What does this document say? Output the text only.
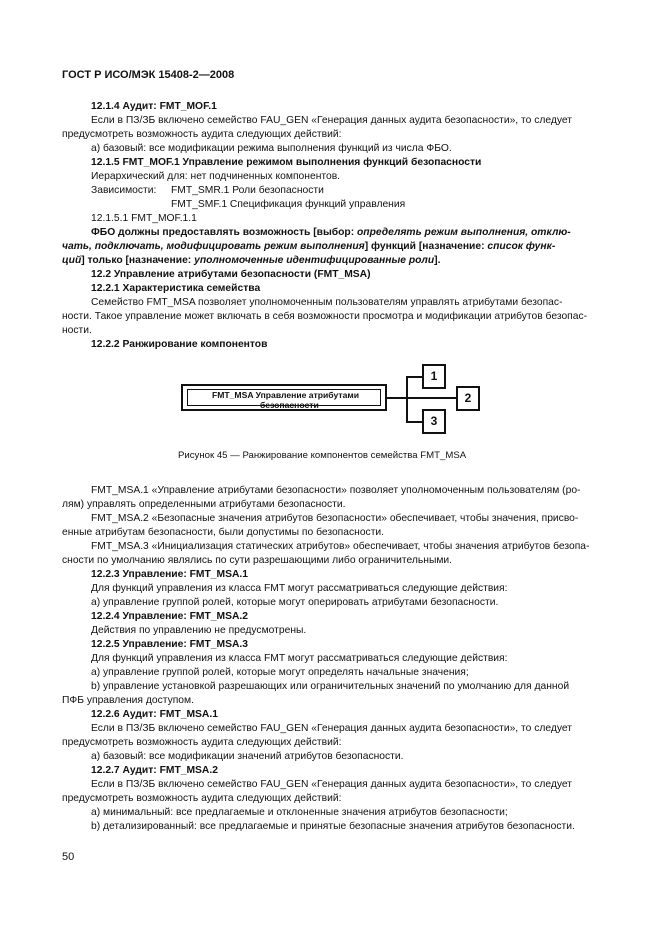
ГОСТ Р ИСО/МЭК 15408-2—2008
12.1.4 Аудит: FMT_MOF.1
Если в ПЗ/ЗБ включено семейство FAU_GEN «Генерация данных аудита безопасности», то следует
предусмотреть возможность аудита следующих действий:
а) базовый: все модификации режима выполнения функций из числа ФБО.
12.1.5 FMT_MOF.1 Управление режимом выполнения функций безопасности
Иерархический для: нет подчиненных компонентов.
Зависимости: FMT_SMR.1 Роли безопасности
FMT_SMF.1 Спецификация функций управления
12.1.5.1 FMT_MOF.1.1
ФБО должны предоставлять возможность [выбор: определять режим выполнения, отклю-
чать, подключать, модифицировать режим выполнения] функций [назначение: список функ-
ций] только [назначение: уполномоченные идентифицированные роли].
12.2 Управление атрибутами безопасности (FMT_MSA)
12.2.1 Характеристика семейства
Семейство FMT_MSA позволяет уполномоченным пользователям управлять атрибутами безопас-
ности. Такое управление может включать в себя возможности просмотра и модификации атрибутов безопас-
ности.
12.2.2 Ранжирование компонентов
FMT_MSA Управление атрибутами
безопасности
1
2
3
Рисунок 45 — Ранжирование компонентов семейства FMT_MSA
FMT_MSA.1 «Управление атрибутами безопасности» позволяет уполномоченным пользователям (ро-
лям) управлять определенными атрибутами безопасности.
FMT_MSA.2 «Безопасные значения атрибутов безопасности» обеспечивает, чтобы значения, присво-
енные атрибутам безопасности, были допустимы по безопасности.
FMT_MSA.3 «Инициализация статических атрибутов» обеспечивает, чтобы значения атрибутов безопа-
сности по умолчанию являлись по сути разрешающими либо ограничительными.
12.2.3 Управление: FMT_MSA.1
Для функций управления из класса FMT могут рассматриваться следующие действия:
а) управление группой ролей, которые могут оперировать атрибутами безопасности.
12.2.4 Управление: FMT_MSA.2
Действия по управлению не предусмотрены.
12.2.5 Управление: FMT_MSA.3
Для функций управления из класса FMT могут рассматриваться следующие действия:
а) управление группой ролей, которые могут определять начальные значения;
b) управление установкой разрешающих или ограничительных значений по умолчанию для данной
ПФБ управления доступом.
12.2.6 Аудит: FMT_MSA.1
Если в ПЗ/ЗБ включено семейство FAU_GEN «Генерация данных аудита безопасности», то следует
предусмотреть возможность аудита следующих действий:
а) базовый: все модификации значений атрибутов безопасности.
12.2.7 Аудит: FMT_MSA.2
Если в ПЗ/ЗБ включено семейство FAU_GEN «Генерация данных аудита безопасности», то следует
предусмотреть возможность аудита следующих действий:
а) минимальный: все предлагаемые и отклоненные значения атрибутов безопасности;
b) детализированный: все предлагаемые и принятые безопасные значения атрибутов безопасности.
50
